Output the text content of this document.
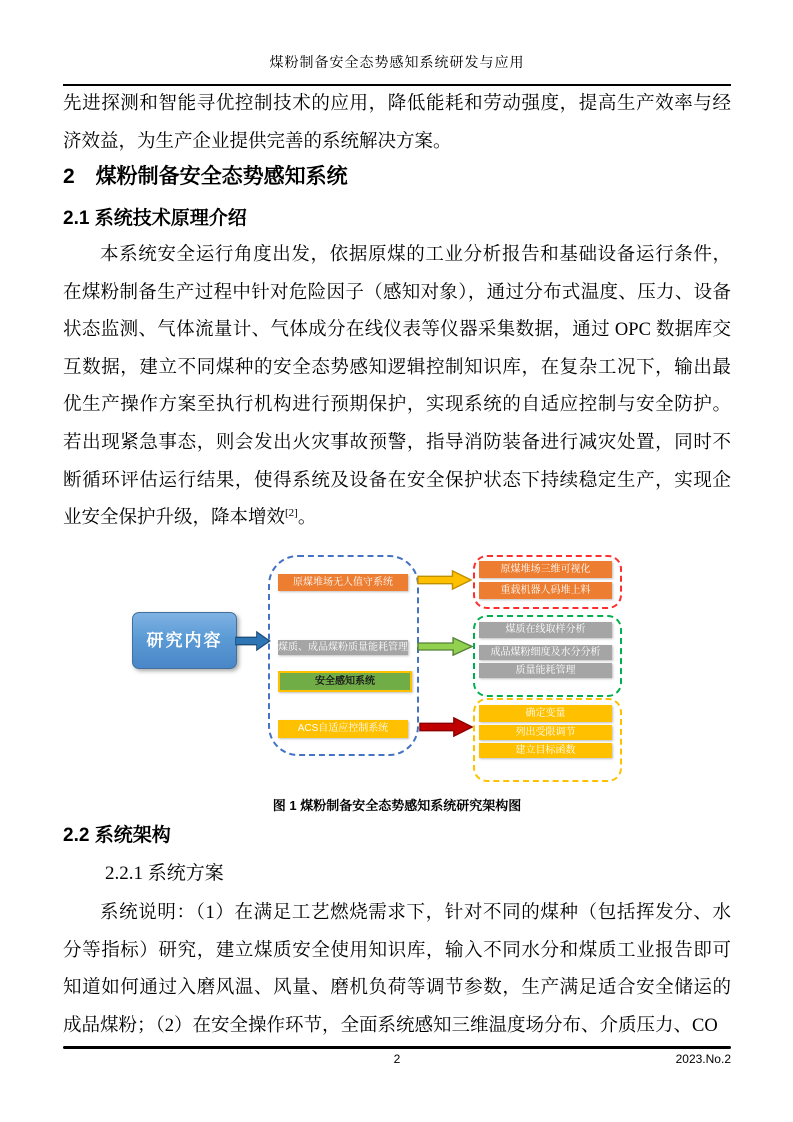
煤粉制备安全态势感知系统研发与应用
先进探测和智能寻优控制技术的应用，降低能耗和劳动强度，提高生产效率与经
济效益，为生产企业提供完善的系统解决方案。
2　煤粉制备安全态势感知系统
2.1 系统技术原理介绍
本系统安全运行角度出发，依据原煤的工业分析报告和基础设备运行条件，
在煤粉制备生产过程中针对危险因子（感知对象），通过分布式温度、压力、设备
状态监测、气体流量计、气体成分在线仪表等仪器采集数据，通过 OPC 数据库交
互数据，建立不同煤种的安全态势感知逻辑控制知识库，在复杂工况下，输出最
优生产操作方案至执行机构进行预期保护，实现系统的自适应控制与安全防护。
若出现紧急事态，则会发出火灾事故预警，指导消防装备进行减灾处置，同时不
断循环评估运行结果，使得系统及设备在安全保护状态下持续稳定生产，实现企
业安全保护升级，降本增效[2]。
研究内容
原煤堆场无人值守系统
煤质、成品煤粉质量能耗管理
安全感知系统
ACS自适应控制系统
原煤堆场三维可视化
重载机器人码堆上料
煤质在线取样分析
成品煤粉细度及水分分析
质量能耗管理
确定变量
列出受限调节
建立目标函数
图 1 煤粉制备安全态势感知系统研究架构图
2.2 系统架构
2.2.1 系统方案
系统说明：（1）在满足工艺燃烧需求下，针对不同的煤种（包括挥发分、水
分等指标）研究，建立煤质安全使用知识库，输入不同水分和煤质工业报告即可
知道如何通过入磨风温、风量、磨机负荷等调节参数，生产满足适合安全储运的
成品煤粉；（2）在安全操作环节，全面系统感知三维温度场分布、介质压力、CO
2	2023.No.2
